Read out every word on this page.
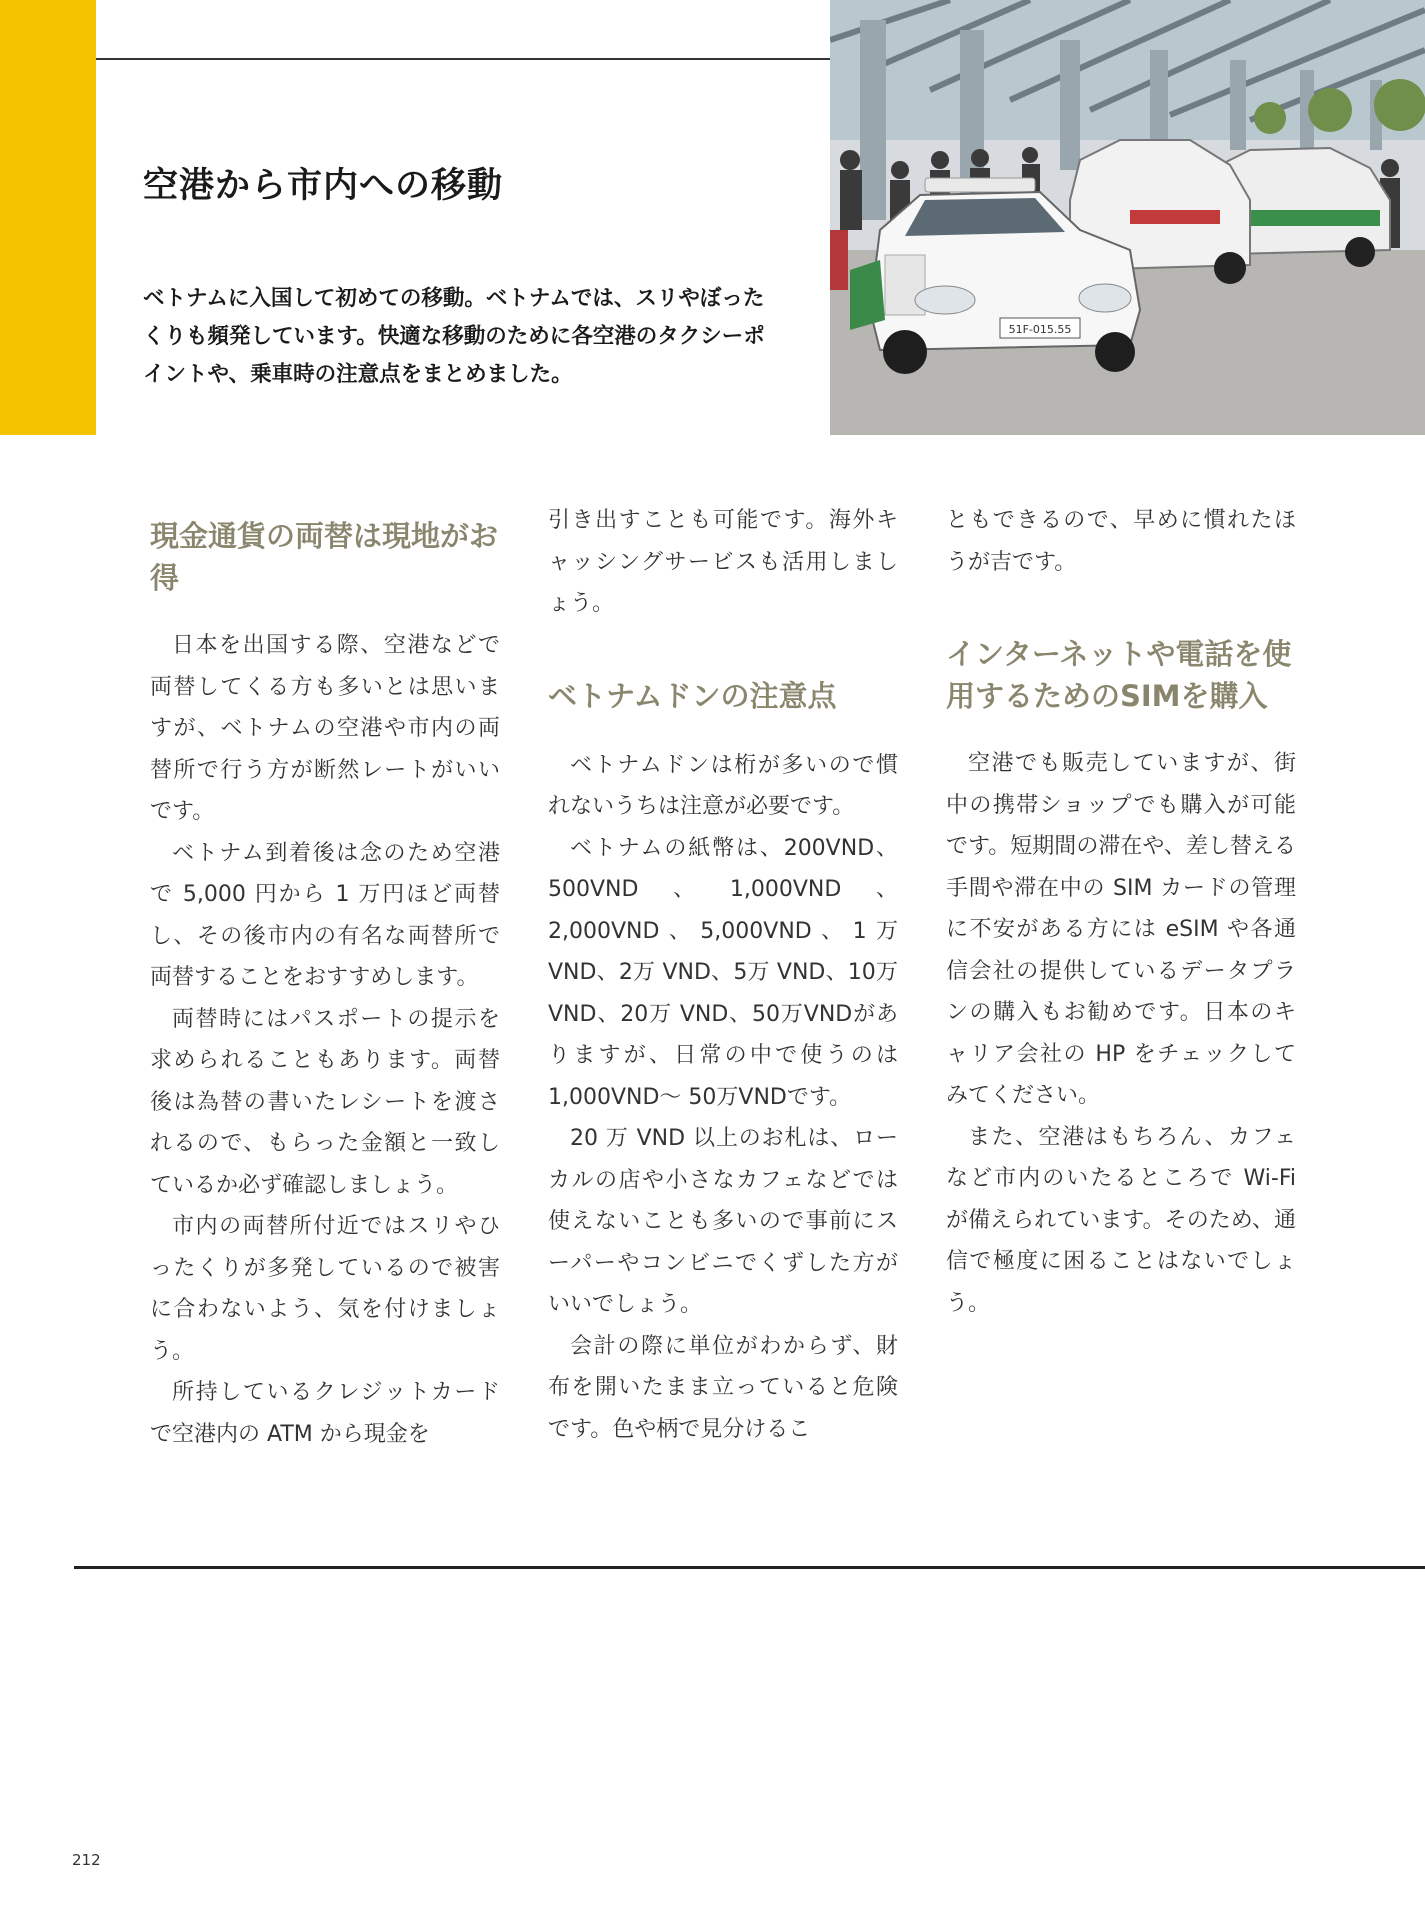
空港から市内への移動

ベトナムに入国して初めての移動。ベトナムでは、スリやぼったくりも頻発しています。快適な移動のために各空港のタクシーポイントや、乗車時の注意点をまとめました。

51F-015.55
現金通貨の両替は現地がお得

日本を出国する際、空港などで両替してくる方も多いとは思いますが、ベトナムの空港や市内の両替所で行う方が断然レートがいいです。

ベトナム到着後は念のため空港で 5,000 円から 1 万円ほど両替し、その後市内の有名な両替所で両替することをおすすめします。

両替時にはパスポートの提示を求められることもあります。両替後は為替の書いたレシートを渡されるので、もらった金額と一致しているか必ず確認しましょう。

市内の両替所付近ではスリやひったくりが多発しているので被害に合わないよう、気を付けましょう。

所持しているクレジットカードで空港内の ATM から現金を

引き出すことも可能です。海外キャッシングサービスも活用しましょう。

ベトナムドンの注意点

ベトナムドンは桁が多いので慣れないうちは注意が必要です。

ベトナムの紙幣は、200VND、500VND、1,000VND、2,000VND、5,000VND、1万VND、2万 VND、5万 VND、10万 VND、20万 VND、50万VNDがありますが、日常の中で使うのは 1,000VND～ 50万VNDです。

20 万 VND 以上のお札は、ローカルの店や小さなカフェなどでは使えないことも多いので事前にスーパーやコンビニでくずした方がいいでしょう。

会計の際に単位がわからず、財布を開いたまま立っていると危険です。色や柄で見分けるこ

ともできるので、早めに慣れたほうが吉です。

インターネットや電話を使用するためのSIMを購入

空港でも販売していますが、街中の携帯ショップでも購入が可能です。短期間の滞在や、差し替える手間や滞在中の SIM カードの管理に不安がある方には eSIM や各通信会社の提供しているデータプランの購入もお勧めです。日本のキャリア会社の HP をチェックしてみてください。

また、空港はもちろん、カフェなど市内のいたるところで Wi-Fi が備えられています。そのため、通信で極度に困ることはないでしょう。

212
